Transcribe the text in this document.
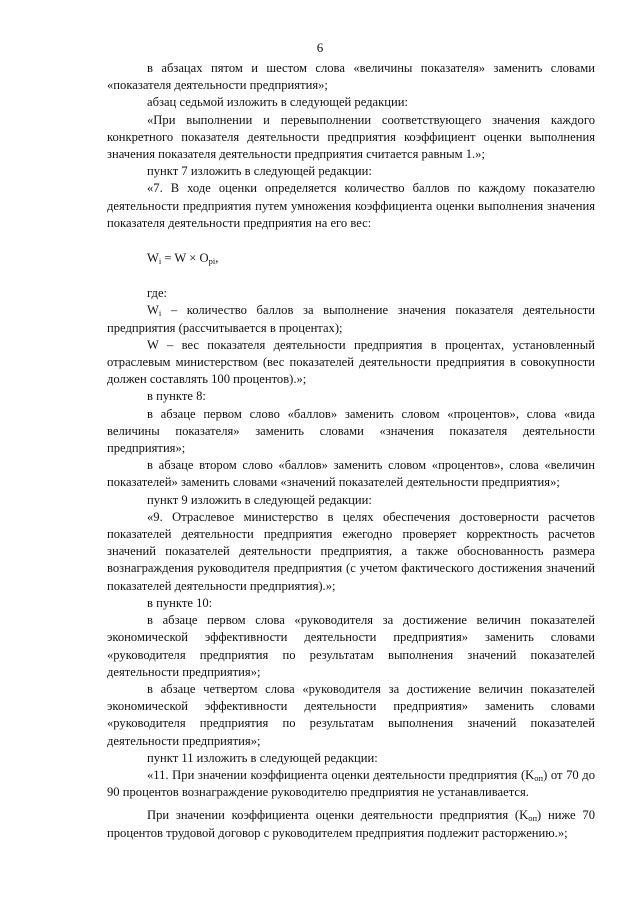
6

в абзацах пятом и шестом слова «величины показателя» заменить словами «показателя деятельности предприятия»;

абзац седьмой изложить в следующей редакции:

«При выполнении и перевыполнении соответствующего значения каждого конкретного показателя деятельности предприятия коэффициент оценки выполнения значения показателя деятельности предприятия считается равным 1.»;

пункт 7 изложить в следующей редакции:

«7. В ходе оценки определяется количество баллов по каждому показателю деятельности предприятия путем умножения коэффициента оценки выполнения значения показателя деятельности предприятия на его вес:

$W_i = W \times O_{pi}$,

где:

$W_i$ – количество баллов за выполнение значения показателя деятельности предприятия (рассчитывается в процентах);

W – вес показателя деятельности предприятия в процентах, установленный отраслевым министерством (вес показателей деятельности предприятия в совокупности должен составлять 100 процентов).»;

в пункте 8:

в абзаце первом слово «баллов» заменить словом «процентов», слова «вида величины показателя» заменить словами «значения показателя деятельности предприятия»;

в абзаце втором слово «баллов» заменить словом «процентов», слова «величин показателей» заменить словами «значений показателей деятельности предприятия»;

пункт 9 изложить в следующей редакции:

«9. Отраслевое министерство в целях обеспечения достоверности расчетов показателей деятельности предприятия ежегодно проверяет корректность расчетов значений показателей деятельности предприятия, а также обоснованность размера вознаграждения руководителя предприятия (с учетом фактического достижения значений показателей деятельности предприятия).»;

в пункте 10:

в абзаце первом слова «руководителя за достижение величин показателей экономической эффективности деятельности предприятия» заменить словами «руководителя предприятия по результатам выполнения значений показателей деятельности предприятия»;

в абзаце четвертом слова «руководителя за достижение величин показателей экономической эффективности деятельности предприятия» заменить словами «руководителя предприятия по результатам выполнения значений показателей деятельности предприятия»;

пункт 11 изложить в следующей редакции:

«11. При значении коэффициента оценки деятельности предприятия $(K_{оп})$ от 70 до 90 процентов вознаграждение руководителю предприятия не устанавливается.

При значении коэффициента оценки деятельности предприятия $(K_{оп})$ ниже 70 процентов трудовой договор с руководителем предприятия подлежит расторжению.»;
